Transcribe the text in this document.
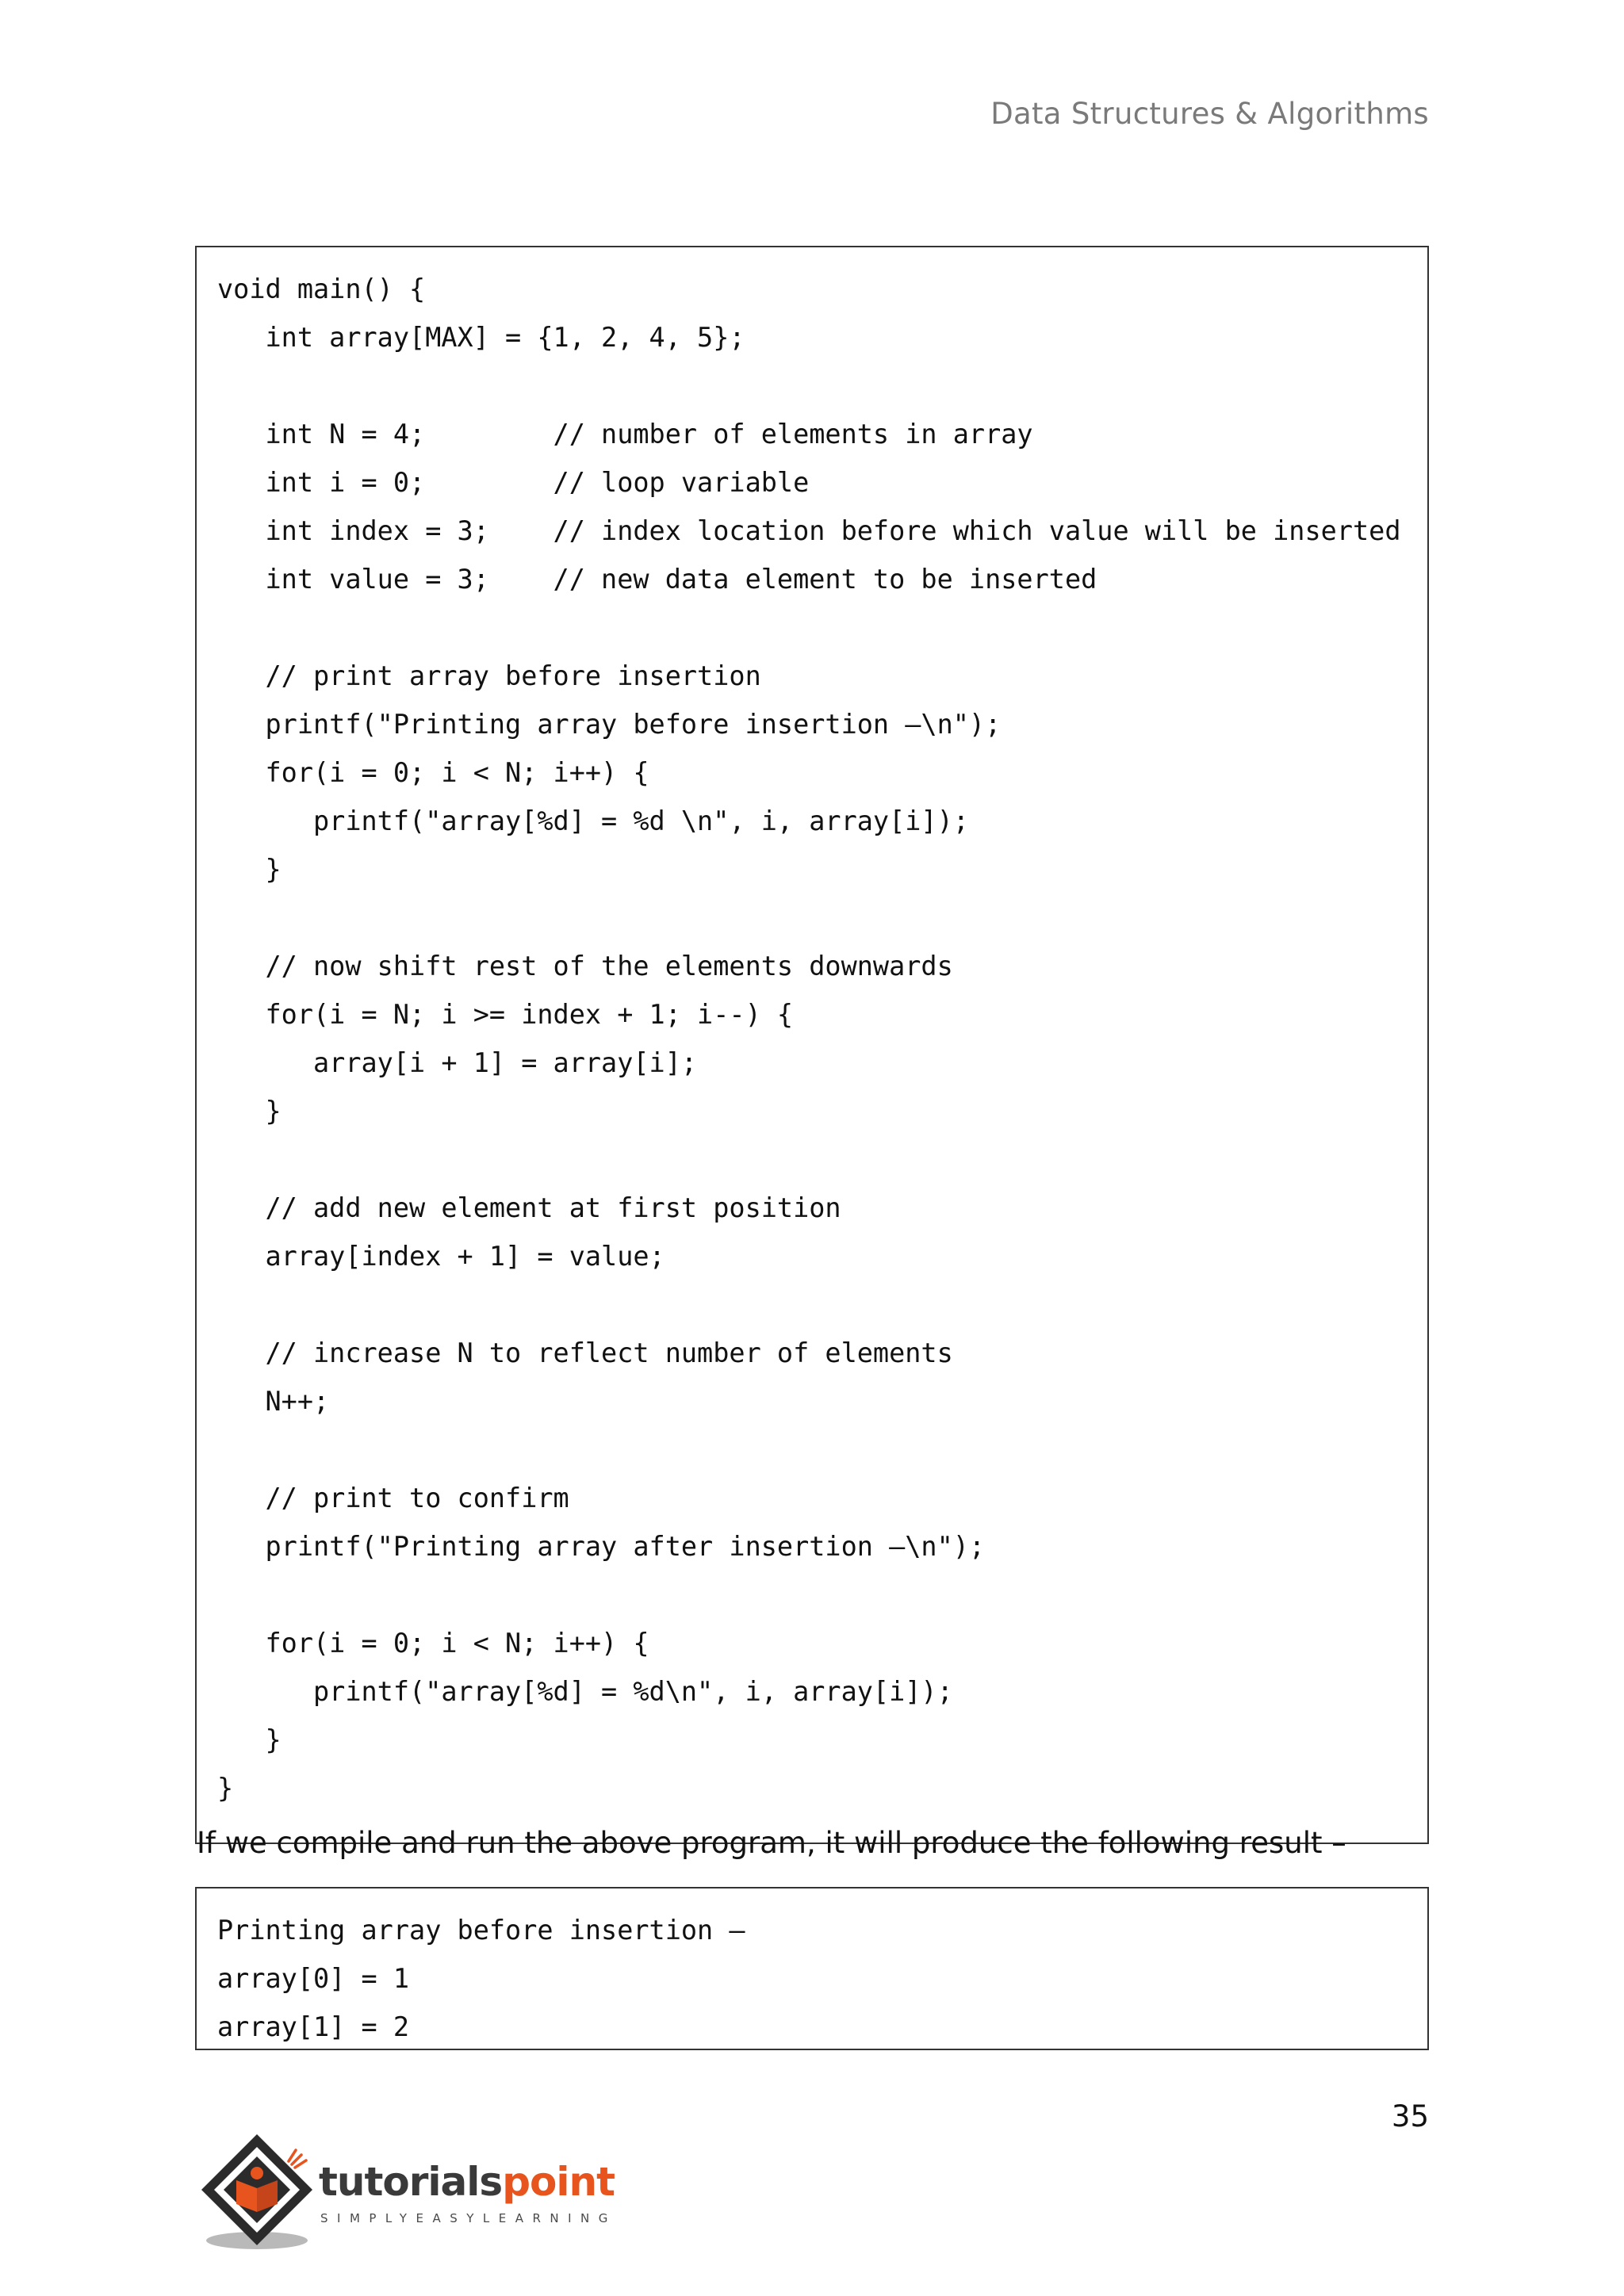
Data Structures & Algorithms
void main() {
int array[MAX] = {1, 2, 4, 5};

int N = 4;        // number of elements in array
int i = 0;        // loop variable
int index = 3;    // index location before which value will be inserted
int value = 3;    // new data element to be inserted

// print array before insertion
printf("Printing array before insertion –\n");
for(i = 0; i < N; i++) {
printf("array[%d] = %d \n", i, array[i]);
}

// now shift rest of the elements downwards
for(i = N; i >= index + 1; i--) {
array[i + 1] = array[i];
}

// add new element at first position
array[index + 1] = value;

// increase N to reflect number of elements
N++;

// print to confirm
printf("Printing array after insertion –\n");

for(i = 0; i < N; i++) {
printf("array[%d] = %d\n", i, array[i]);
}
}
If we compile and run the above program, it will produce the following result –
Printing array before insertion –
array[0] = 1
array[1] = 2
35
tutorialspoint
SIMPLYEASYLEARNING
